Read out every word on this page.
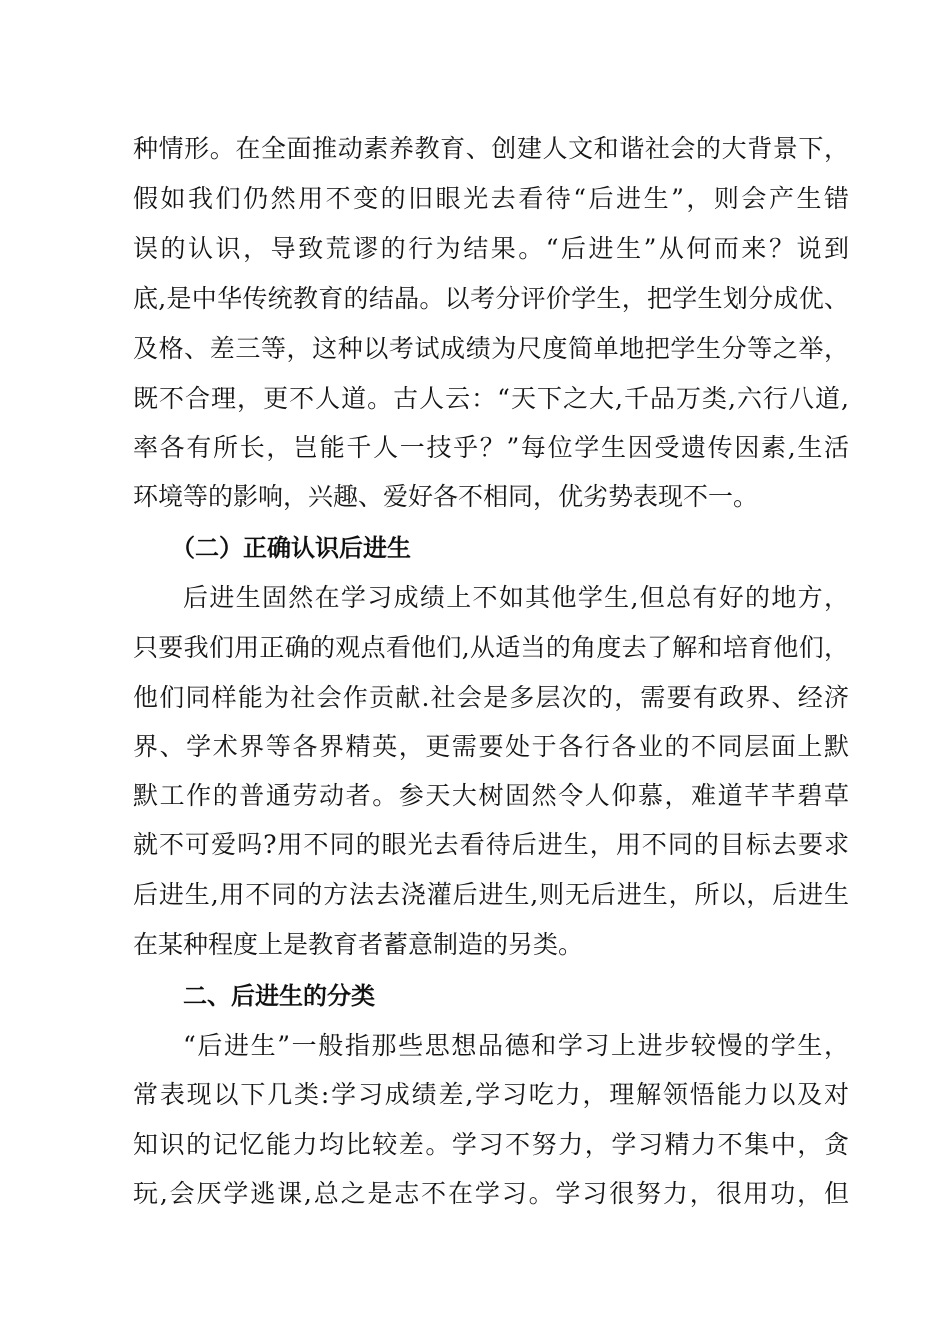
种情形。在全面推动素养教育、创建人文和谐社会的大背景下，
假如我们仍然用不变的旧眼光去看待“后进生”，则会产生错
误的认识，导致荒谬的行为结果。“后进生”从何而来？说到
底,是中华传统教育的结晶。以考分评价学生，把学生划分成优、
及格、差三等，这种以考试成绩为尺度简单地把学生分等之举，
既不合理，更不人道。古人云：“天下之大,千品万类,六行八道,
率各有所长，岂能千人一技乎？”每位学生因受遗传因素,生活
环境等的影响，兴趣、爱好各不相同，优劣势表现不一。
（二）正确认识后进生
后进生固然在学习成绩上不如其他学生,但总有好的地方，
只要我们用正确的观点看他们,从适当的角度去了解和培育他们，
他们同样能为社会作贡献.社会是多层次的，需要有政界、经济
界、学术界等各界精英，更需要处于各行各业的不同层面上默
默工作的普通劳动者。参天大树固然令人仰慕，难道芊芊碧草
就不可爱吗?用不同的眼光去看待后进生，用不同的目标去要求
后进生,用不同的方法去浇灌后进生,则无后进生，所以，后进生
在某种程度上是教育者蓄意制造的另类。
二、后进生的分类
“后进生”一般指那些思想品德和学习上进步较慢的学生，
常表现以下几类:学习成绩差,学习吃力，理解领悟能力以及对
知识的记忆能力均比较差。学习不努力，学习精力不集中，贪
玩,会厌学逃课,总之是志不在学习。学习很努力，很用功，但
